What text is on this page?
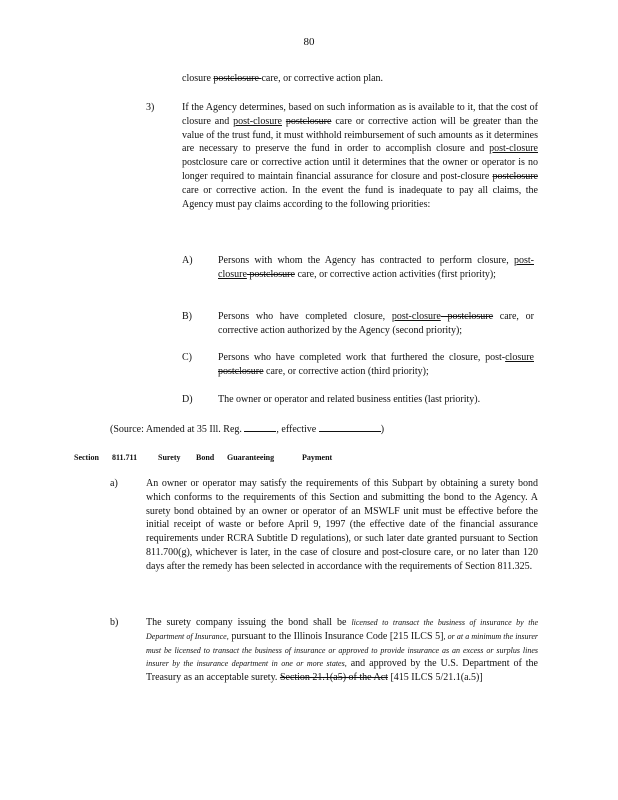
80
closure postclosure care, or corrective action plan.
3)	If the Agency determines, based on such information as is available to it, that the cost of closure and post-closure postclosure care or corrective action will be greater than the value of the trust fund, it must withhold reimbursement of such amounts as it determines are necessary to preserve the fund in order to accomplish closure and post-closure postclosure care or corrective action until it determines that the owner or operator is no longer required to maintain financial assurance for closure and post-closure postclosure care or corrective action. In the event the fund is inadequate to pay all claims, the Agency must pay claims according to the following priorities:
A)	Persons with whom the Agency has contracted to perform closure, post-closure postclosure care, or corrective action activities (first priority);
B)	Persons who have completed closure, post-closure postclosure care, or corrective action authorized by the Agency (second priority);
C)	Persons who have completed work that furthered the closure, post-closure postclosure care, or corrective action (third priority);
D)	The owner or operator and related business entities (last priority).
(Source: Amended at 35 Ill. Reg.	, effective	)
Section 811.711	Surety Bond Guaranteeing	Payment
a)	An owner or operator may satisfy the requirements of this Subpart by obtaining a surety bond which conforms to the requirements of this Section and submitting the bond to the Agency. A surety bond obtained by an owner or operator of an MSWLF unit must be effective before the initial receipt of waste or before April 9, 1997 (the effective date of the financial assurance requirements under RCRA Subtitle D regulations), or such later date granted pursuant to Section 811.700(g), whichever is later, in the case of closure and post-closure care, or no later than 120 days after the remedy has been selected in accordance with the requirements of Section 811.325.
b)	The surety company issuing the bond shall be licensed to transact the business of insurance by the Department of Insurance, pursuant to the Illinois Insurance Code [215 ILCS 5], or at a minimum the insurer must be licensed to transact the business of insurance or approved to provide insurance as an excess or surplus lines insurer by the insurance department in one or more states, and approved by the U.S. Department of the Treasury as an acceptable surety. Section 21.1(a5) of the Act [415 ILCS 5/21.1(a.5)]
